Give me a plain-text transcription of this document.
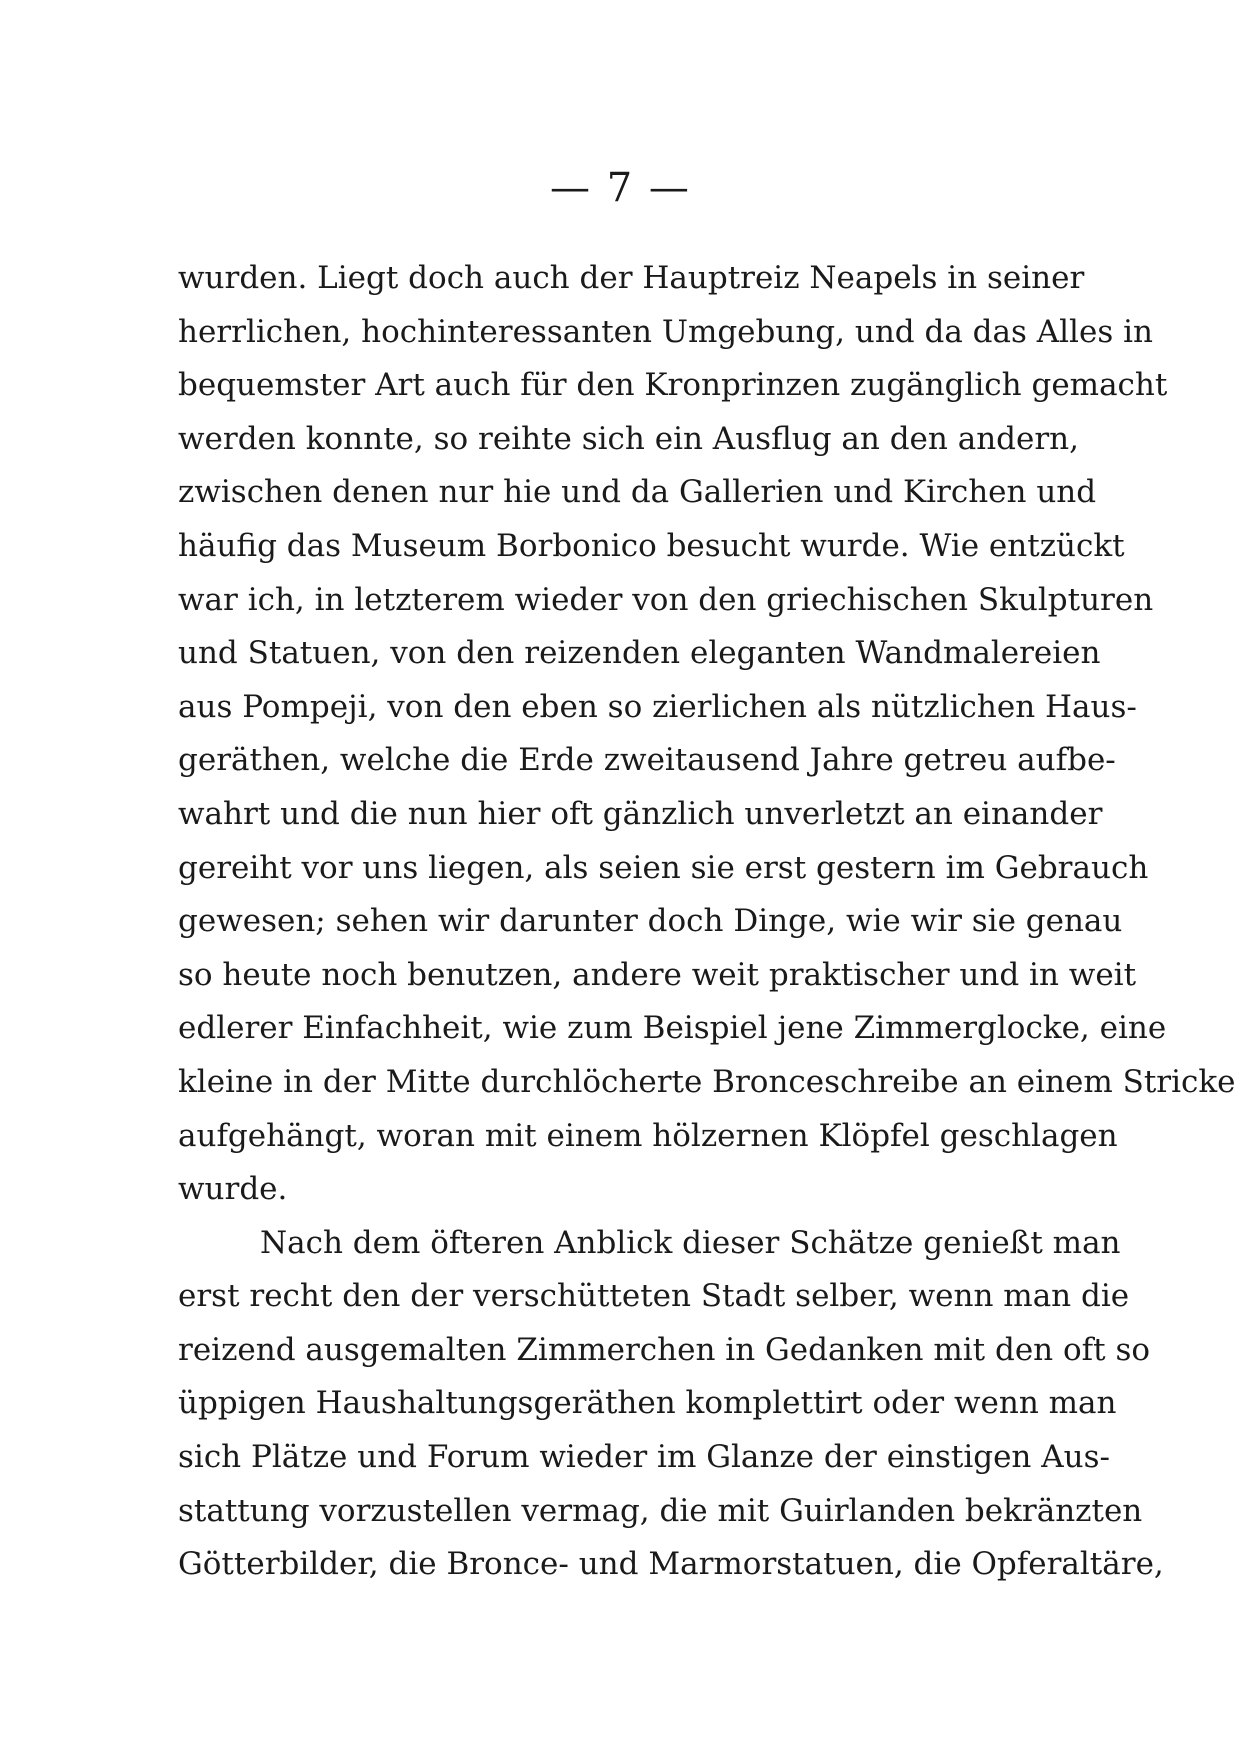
— 7 —
wurden. Liegt doch auch der Hauptreiz Neapels in seiner
herrlichen, hochinteressanten Umgebung, und da das Alles in
bequemster Art auch für den Kronprinzen zugänglich gemacht
werden konnte, so reihte sich ein Ausflug an den andern,
zwischen denen nur hie und da Gallerien und Kirchen und
häufig das Museum Borbonico besucht wurde. Wie entzückt
war ich, in letzterem wieder von den griechischen Skulpturen
und Statuen, von den reizenden eleganten Wandmalereien
aus Pompeji, von den eben so zierlichen als nützlichen Haus-
geräthen, welche die Erde zweitausend Jahre getreu aufbe-
wahrt und die nun hier oft gänzlich unverletzt an einander
gereiht vor uns liegen, als seien sie erst gestern im Gebrauch
gewesen; sehen wir darunter doch Dinge, wie wir sie genau
so heute noch benutzen, andere weit praktischer und in weit
edlerer Einfachheit, wie zum Beispiel jene Zimmerglocke, eine
kleine in der Mitte durchlöcherte Bronceschreibe an einem Stricke
aufgehängt, woran mit einem hölzernen Klöpfel geschlagen
wurde.
Nach dem öfteren Anblick dieser Schätze genießt man
erst recht den der verschütteten Stadt selber, wenn man die
reizend ausgemalten Zimmerchen in Gedanken mit den oft so
üppigen Haushaltungsgeräthen komplettirt oder wenn man
sich Plätze und Forum wieder im Glanze der einstigen Aus-
stattung vorzustellen vermag, die mit Guirlanden bekränzten
Götterbilder, die Bronce- und Marmorstatuen, die Opferaltäre,
